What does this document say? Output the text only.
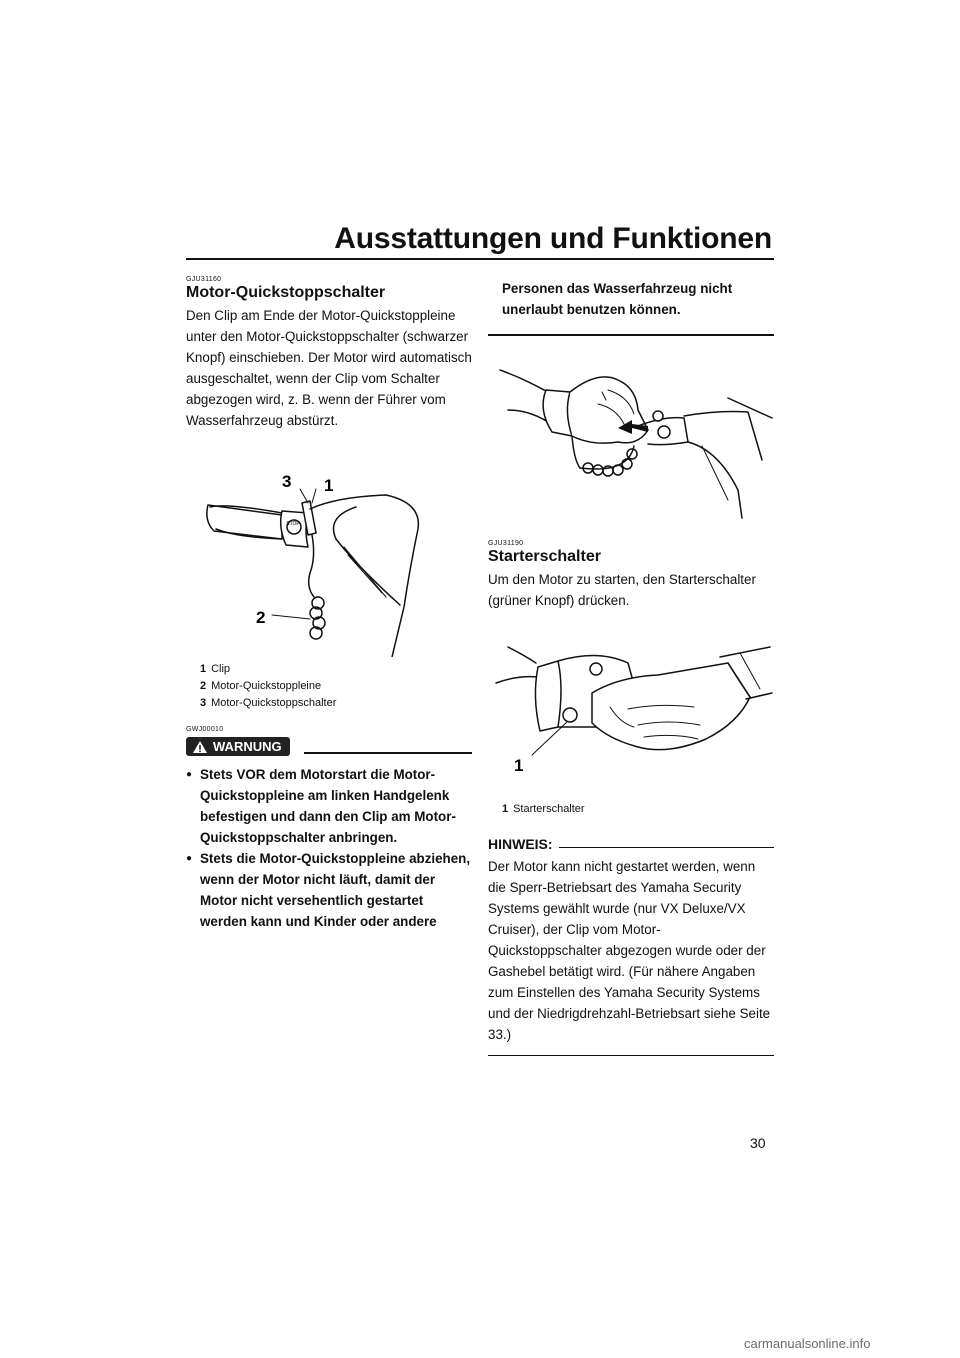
Ausstattungen und Funktionen

GJU31160

Motor-Quickstoppschalter

Den Clip am Ende der Motor-Quickstoppleine unter den Motor-Quickstoppschalter (schwarzer Knopf) einschieben. Der Motor wird automatisch ausgeschaltet, wenn der Clip vom Schalter abgezogen wird, z. B. wenn der Führer vom Wasserfahrzeug abstürzt.

STOP
3 1
2
1 Clip
2 Motor-Quickstoppleine
3 Motor-Quickstoppschalter

GWJ00010

WARNUNG
● Stets VOR dem Motorstart die Motor-Quickstoppleine am linken Handgelenk befestigen und dann den Clip am Motor-Quickstoppschalter anbringen.
● Stets die Motor-Quickstoppleine abziehen, wenn der Motor nicht läuft, damit der Motor nicht versehentlich gestartet werden kann und Kinder oder andere

Personen das Wasserfahrzeug nicht unerlaubt benutzen können.

GJU31190

Starterschalter

Um den Motor zu starten, den Starterschalter (grüner Knopf) drücken.

1
1 Starterschalter
HINWEIS:

Der Motor kann nicht gestartet werden, wenn die Sperr-Betriebsart des Yamaha Security Systems gewählt wurde (nur VX Deluxe/VX Cruiser), der Clip vom Motor-Quickstoppschalter abgezogen wurde oder der Gashebel betätigt wird. (Für nähere Angaben zum Einstellen des Yamaha Security Systems und der Niedrigdrehzahl-Betriebsart siehe Seite 33.)

30
carmanualsonline.info
